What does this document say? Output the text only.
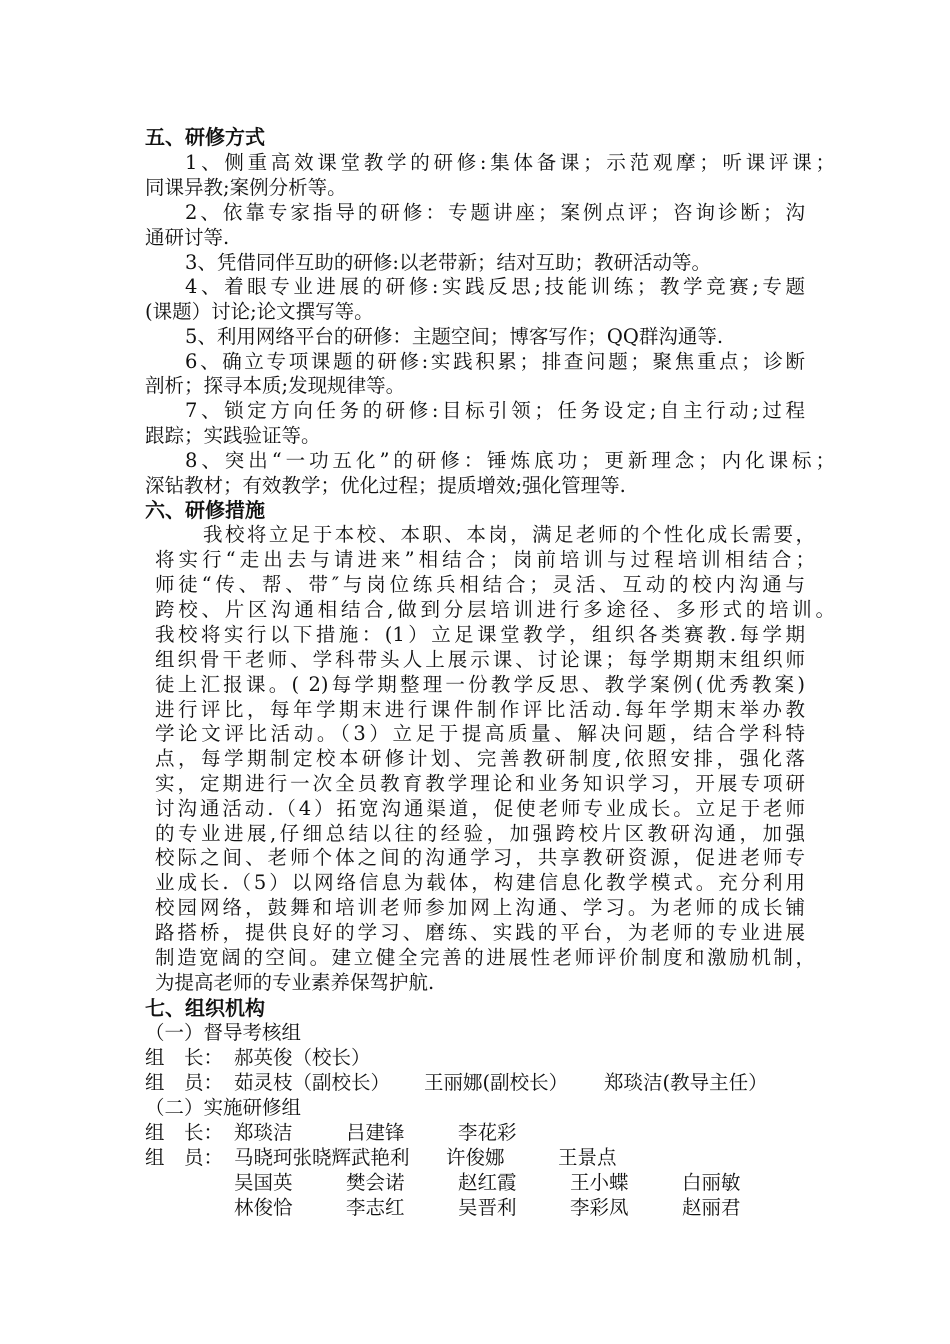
五、研修方式
1、侧重高效课堂教学的研修:集体备课；示范观摩；听课评课；
同课异教;案例分析等。
2、依靠专家指导的研修：专题讲座；案例点评；咨询诊断；沟
通研讨等.
3、凭借同伴互助的研修:以老带新；结对互助；教研活动等。
4、着眼专业进展的研修:实践反思;技能训练；教学竞赛;专题
(课题）讨论;论文撰写等。
5、利用网络平台的研修：主题空间；博客写作；QQ群沟通等.
6、确立专项课题的研修:实践积累；排查问题；聚焦重点；诊断
剖析；探寻本质;发现规律等。
7、锁定方向任务的研修:目标引领；任务设定;自主行动;过程
跟踪；实践验证等。
8、突出“一功五化”的研修：锤炼底功；更新理念；内化课标；
深钻教材；有效教学；优化过程；提质增效;强化管理等.
六、研修措施
我校将立足于本校、本职、本岗，满足老师的个性化成长需要，
将实行“走出去与请进来”相结合；岗前培训与过程培训相结合；
师徒“传、帮、带″与岗位练兵相结合；灵活、互动的校内沟通与
跨校、片区沟通相结合,做到分层培训进行多途径、多形式的培训。
我校将实行以下措施：(1）立足课堂教学，组织各类赛教.每学期
组织骨干老师、学科带头人上展示课、讨论课；每学期期末组织师
徒上汇报课。( 2)每学期整理一份教学反思、教学案例(优秀教案)
进行评比，每年学期末进行课件制作评比活动.每年学期末举办教
学论文评比活动。（3）立足于提高质量、解决问题，结合学科特
点，每学期制定校本研修计划、完善教研制度,依照安排，强化落
实，定期进行一次全员教育教学理论和业务知识学习，开展专项研
讨沟通活动.（4）拓宽沟通渠道，促使老师专业成长。立足于老师
的专业进展,仔细总结以往的经验，加强跨校片区教研沟通，加强
校际之间、老师个体之间的沟通学习，共享教研资源，促进老师专
业成长.（5）以网络信息为载体，构建信息化教学模式。充分利用
校园网络，鼓舞和培训老师参加网上沟通、学习。为老师的成长铺
路搭桥，提供良好的学习、磨练、实践的平台，为老师的专业进展
制造宽阔的空间。建立健全完善的进展性老师评价制度和激励机制，
为提高老师的专业素养保驾护航.
七、组织机构
（一）督导考核组
组　长： 郝英俊（校长）
组　员： 茹灵枝（副校长） 王丽娜(副校长） 郑琰洁(教导主任）
（二）实施研修组
组　长： 郑琰洁	吕建锋	李花彩
组　员： 马晓珂张晓辉武艳利 许俊娜	王景点
吴国英	樊会诺	赵红霞	王小蝶	白丽敏
林俊恰	李志红	吴晋利	李彩凤	赵丽君
